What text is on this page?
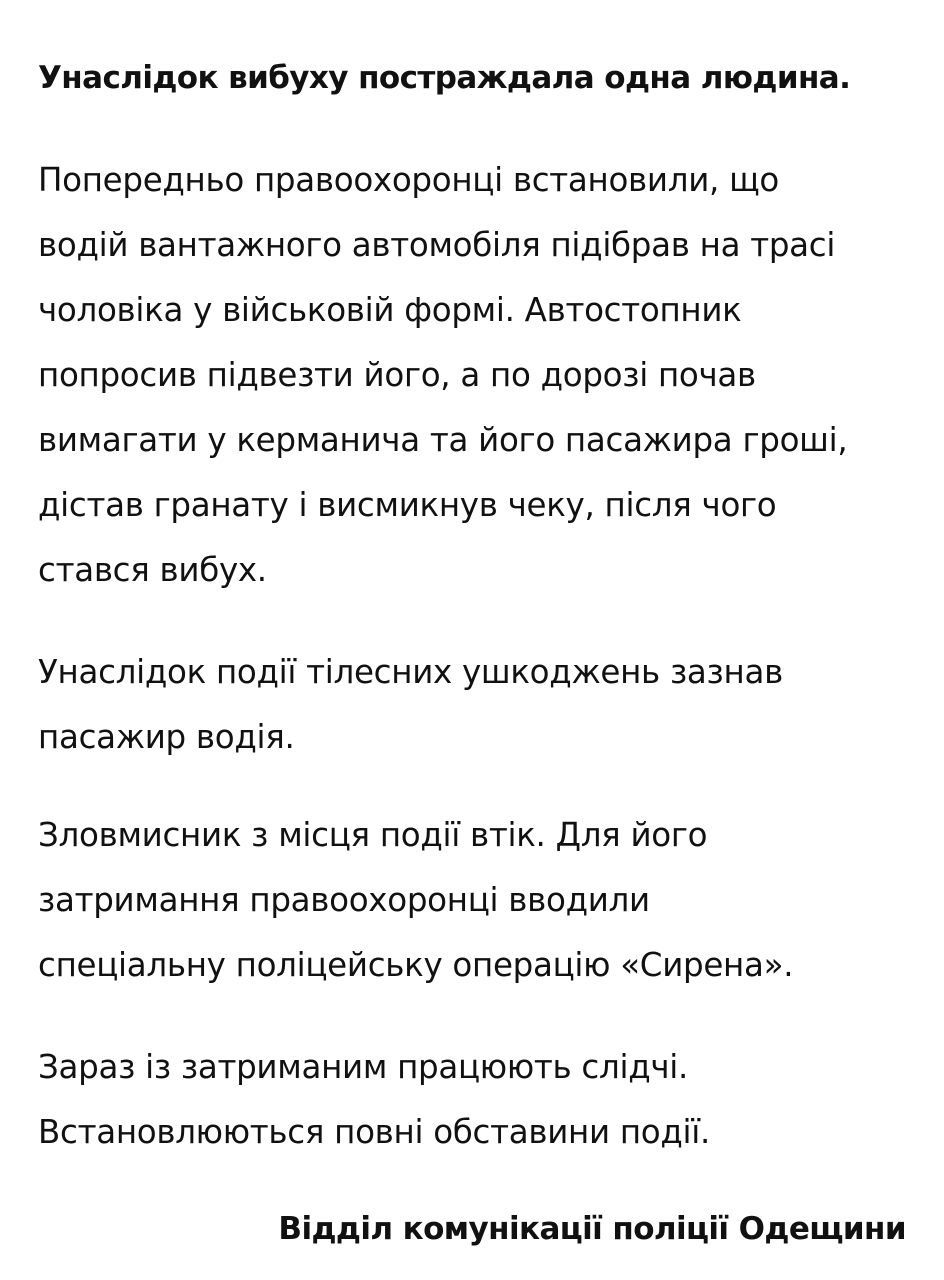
Унаслідок вибуху постраждала одна людина.

Попередньо правоохоронці встановили, що
водій вантажного автомобіля підібрав на трасі
чоловіка у військовій формі. Автостопник
попросив підвезти його, а по дорозі почав
вимагати у керманича та його пасажира гроші,
дістав гранату і висмикнув чеку, після чого
стався вибух.

Унаслідок події тілесних ушкоджень зазнав
пасажир водія.

Зловмисник з місця події втік. Для його
затримання правоохоронці вводили
спеціальну поліцейську операцію «Сирена».

Зараз із затриманим працюють слідчі.
Встановлюються повні обставини події.

Відділ комунікації поліції Одещини
